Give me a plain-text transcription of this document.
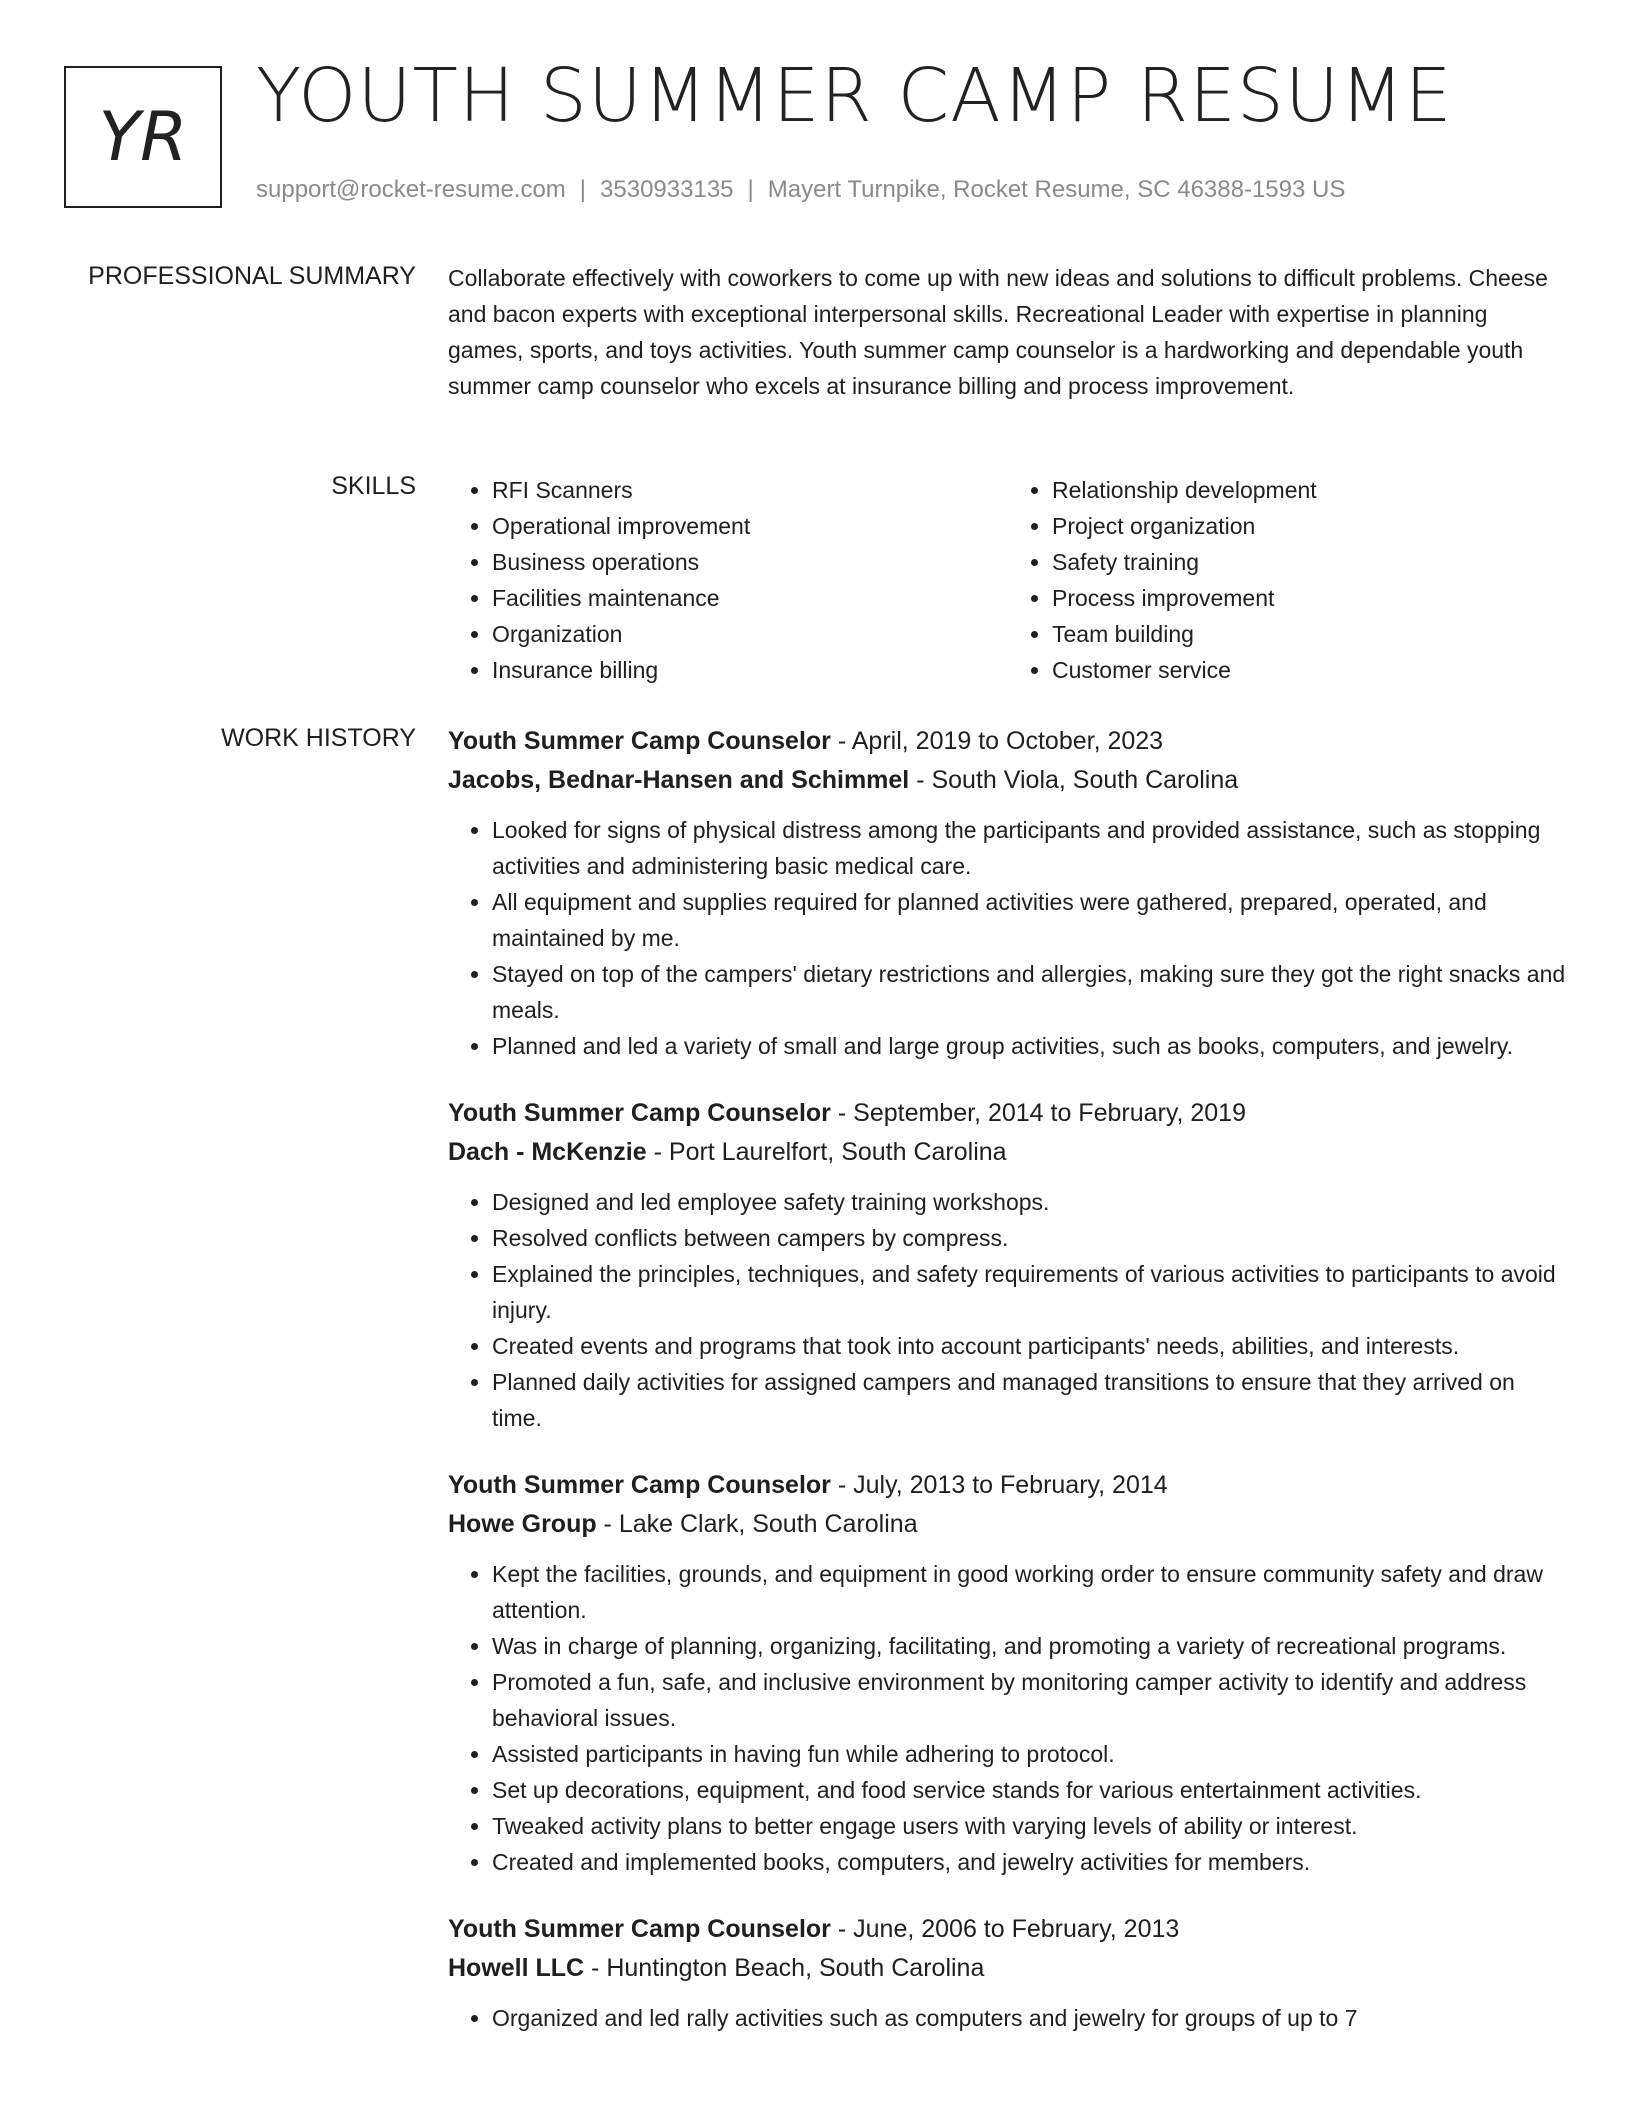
YR YOUTH SUMMER CAMP RESUME
support@rocket-resume.com | 3530933135 | Mayert Turnpike, Rocket Resume, SC 46388-1593 US
PROFESSIONAL SUMMARY Collaborate effectively with coworkers to come up with new ideas and solutions to difficult problems. Cheese and bacon experts with exceptional interpersonal skills. Recreational Leader with expertise in planning games, sports, and toys activities. Youth summer camp counselor is a hardworking and dependable youth summer camp counselor who excels at insurance billing and process improvement.

SKILLS
•	RFI Scanners
• Operational improvement
• Business operations
• Facilities maintenance
• Organization
• Insurance billing
• Relationship development
• Project organization
• Safety training
• Process improvement
• Team building
• Customer service
WORK HISTORY Youth Summer Camp Counselor - April, 2019 to October, 2023
Jacobs, Bednar-Hansen and Schimmel - South Viola, South Carolina
• Looked for signs of physical distress among the participants and provided assistance, such as stopping activities and administering basic medical care.
• All equipment and supplies required for planned activities were gathered, prepared, operated, and maintained by me.
• Stayed on top of the campers' dietary restrictions and allergies, making sure they got the right snacks and meals.
• Planned and led a variety of small and large group activities, such as books, computers, and jewelry.
Youth Summer Camp Counselor - September, 2014 to February, 2019
Dach - McKenzie - Port Laurelfort, South Carolina
• Designed and led employee safety training workshops.
• Resolved conflicts between campers by compress.
• Explained the principles, techniques, and safety requirements of various activities to participants to avoid injury.
• Created events and programs that took into account participants' needs, abilities, and interests.
• Planned daily activities for assigned campers and managed transitions to ensure that they arrived on time.
Youth Summer Camp Counselor - July, 2013 to February, 2014
Howe Group - Lake Clark, South Carolina
• Kept the facilities, grounds, and equipment in good working order to ensure community safety and draw attention.
• Was in charge of planning, organizing, facilitating, and promoting a variety of recreational programs.
• Promoted a fun, safe, and inclusive environment by monitoring camper activity to identify and address behavioral issues.
• Assisted participants in having fun while adhering to protocol.
• Set up decorations, equipment, and food service stands for various entertainment activities.
• Tweaked activity plans to better engage users with varying levels of ability or interest.
• Created and implemented books, computers, and jewelry activities for members.
Youth Summer Camp Counselor - June, 2006 to February, 2013
Howell LLC - Huntington Beach, South Carolina
• Organized and led rally activities such as computers and jewelry for groups of up to 7
